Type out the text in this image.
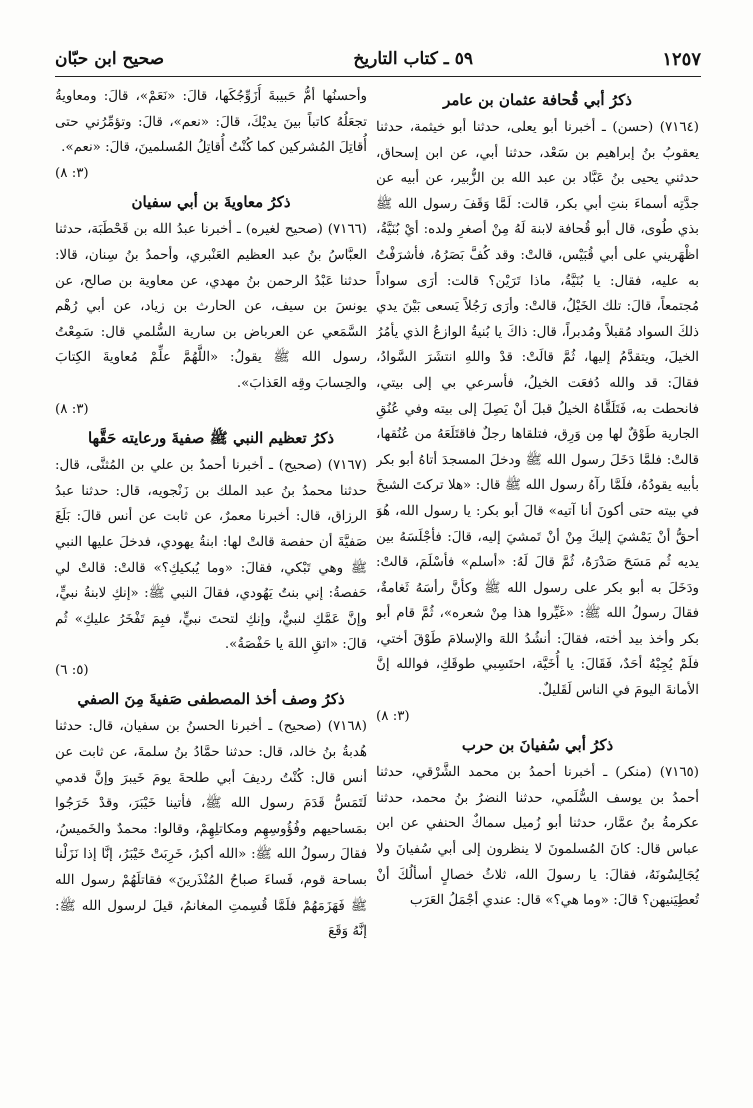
١٢٥٧
٥٩ ـ كتاب التاريخ
صحيح ابن حبّان
ذكرُ أبي قُحافة عثمان بن عامر

(٧١٦٤) (حسن) ـ أخبرنا أبو يعلى، حدثنا أبو خيثمة، حدثنا يعقوبُ بنُ إبراهيم بن سَعْد، حدثنا أبي، عن ابن إسحاق، حدثني يحيى بنُ عَبَّاد بن عبد الله بن الزُّبير، عن أبيه عن جدَّتِه أسماءَ بنتِ أبي بكر، قالت: لَمَّا وَقَفَ رسول الله ﷺ بذي طُوى، قال أبو قُحافة لابنة لَهُ مِنْ أصغرِ ولده: أيْ بُنَيَّةُ، اظْهَريني على أبي قُبَيْس، قالتْ: وقد كُفَّ بَصَرُهُ، فأشرَفْتُ به عليه، فقال: يا بُنَيَّةُ، ماذا تَرَيْن؟ قالت: أرَى سواداً مُجتمعاً، قالَ: تلك الخَيْلُ، قالتْ: وأرَى رَجُلاً يَسعى بَيْنَ يدي ذلكَ السواد مُقبلاً ومُدبراً، قال: ذاكَ يا بُنيةُ الوازعُ الذي يأمُرُ الخيلَ، ويتقدَّمُ إليها، ثُمَّ قالَتْ: قدْ واللهِ انتشَرَ السَّوادُ، فقالَ: قد والله دُفعَت الخيلُ، فأسرعي بي إلى بيتي، فانحطت به، فَتَلَقَّاهُ الخيلُ قبلَ أنْ يَصِلَ إلى بيته وفي عُنُقِ الجارية طَوْقٌ لها مِن وَرِق، فتلقاها رجلٌ فاقتَلَعَهُ من عُنُقها، قالتْ: فلمَّا دَخَلَ رسول الله ﷺ ودخلَ المسجدَ أتاهُ أبو بكر بأبيه يقودُهُ، فلَمَّا رآهُ رسول الله ﷺ قال: «هلا تركتَ الشيخَ في بيته حتى أكونَ أنا آتيه» قالَ أبو بكر: يا رسول الله، هُوَ أحقُّ أنْ يَمْشيَ إليكَ مِنْ أنْ تَمشيَ إليه، قالَ: فأجْلَسَهُ بين يديه ثُم مَسَحَ صَدْرَهُ، ثُمَّ قالَ لَهُ: «أسلم» فأسْلَمَ، قالتْ: ودَخَلَ به أبو بكر على رسول الله ﷺ وكأنَّ رأسَهُ ثَغامةٌ، فقالَ رسولُ الله ﷺ: «غَيِّروا هذا مِنْ شعره»، ثُمَّ قام أبو بكر وأخذ بيد أخته، فقالَ: أنشُدُ اللهَ والإسلامَ طَوْقَ أختي، فلَمْ يُجِبْهُ أحَدٌ، فَقَالَ: يا أُخَيَّة، احتَسِبي طوقَكِ، فوالله إنَّ الأمانةَ اليومَ في الناس لَقَليلٌ.

(٣: ٨)

ذكرُ أبي سُفيانَ بن حرب

(٧١٦٥) (منكر) ـ أخبرنا أحمدُ بن محمد الشَّرْقي، حدثنا أحمدُ بن يوسف السُّلَمي، حدثنا النضرُ بنُ محمد، حدثنا عكرمةُ بنُ عمَّار، حدثنا أبو زُميل سماكٌ الحنفي عن ابن عباس قال: كانَ المُسلمونَ لا ينظرون إلى أبي سُفيانَ ولا يُجَالِسُونَهُ، فقالَ: يا رسولَ الله، ثلاثُ خصالٍ أسألُكَ أنْ تُعطِيَنيهن؟ قالَ: «وما هي؟» قال: عندي أجْمَلُ العَرَب

وأحسنُها أمُّ حَبيبةَ أُزَوِّجُكَها، قالَ: «نَعَمْ»، قالَ: ومعاويةُ تجعَلُهُ كاتباً بينَ يديْكَ، قالَ: «نعم»، قالَ: وتؤمِّرُني حتى أُقاتِلَ المُشركين كما كُنْتُ أُقاتِلُ المُسلمينَ، قالَ: «نعم».

(٣: ٨)

ذكرُ معاويةَ بن أبي سفيان

(٧١٦٦) (صحيح لغيره) ـ أخبرنا عبدُ الله بن قَحْطَبَة، حدثنا العبَّاسُ بنُ عبد العظيم العَنْبري، وأحمدُ بنُ سِنان، قالا: حدثنا عَبْدُ الرحمن بنُ مهدي، عن معاوية بن صالح، عن يونسَ بن سيف، عن الحارث بن زياد، عن أبي رُهْم السَّمَعي عن العرباض بن سارية السُّلمي قال: سَمِعْتُ رسول الله ﷺ يقولُ: «اللَّهُمَّ علِّمْ مُعاويةَ الكِتابَ والحِسابَ وقِه العَذابَ».

(٣: ٨)

ذكرُ تعظيم النبي ﷺ صفيةَ ورعايته حَقَّها

(٧١٦٧) (صحيح) ـ أخبرنا أحمدُ بن علي بن المُثنَّى، قال: حدثنا محمدُ بنُ عبد الملك بن زَنْجويه، قال: حدثنا عبدُ الرزاق، قال: أخبرنا معمرٌ، عن ثابت عن أنس قالَ: بَلَغَ صَفيَّةَ أن حفصة قالتْ لها: ابنةُ يهودي، فدخلَ عليها النبي ﷺ وهي تَبْكي، فقالَ: «وما يُبكيكِ؟» قالتْ: قالتْ لي حَفصةُ: إني بنتُ يَهُودي، فقالَ النبي ﷺ: «إنكِ لابنةُ نبيٍّ، وإنَّ عَمَّكِ لنبيٌّ، وإنكِ لتحتَ نبيٍّ، فبِمَ تَفْخَرُ عليكِ» ثُم قالَ: «اتقِ اللهَ يا حَفْصَةُ».

(٥: ٦)

ذكرُ وصف أخذ المصطفى صَفيةَ مِنَ الصفي

(٧١٦٨) (صحيح) ـ أخبرنا الحسنُ بن سفيان، قال: حدثنا هُدبةُ بنُ خالد، قال: حدثنا حمَّادُ بنُ سلمةَ، عن ثابت عن أنس قال: كُنْتُ رديفَ أبي طلحةَ يومَ خَيبرَ وإنَّ قدمي لَتَمَسُّ قَدَمَ رسول الله ﷺ، فأتينا خَيْبَرَ، وقدْ خَرَجُوا بمَساحيهم وفُؤُوسِهِم ومكاتلِهِمْ، وقالوا: محمدٌ والخَميسُ، فقالَ رسولُ الله ﷺ: «الله أكبرُ، خَرِبَتْ خَيْبَرُ، إنَّا إذا نَزَلْنا بساحة قوم، فَساءَ صباحُ المُنْذَرينَ» فقاتلَهُمْ رسول الله ﷺ فَهَزَمَهُمْ فلَمَّا قُسِمتِ المغانمُ، قيلَ لرسول الله ﷺ: إنَّهُ وَقَعَ
